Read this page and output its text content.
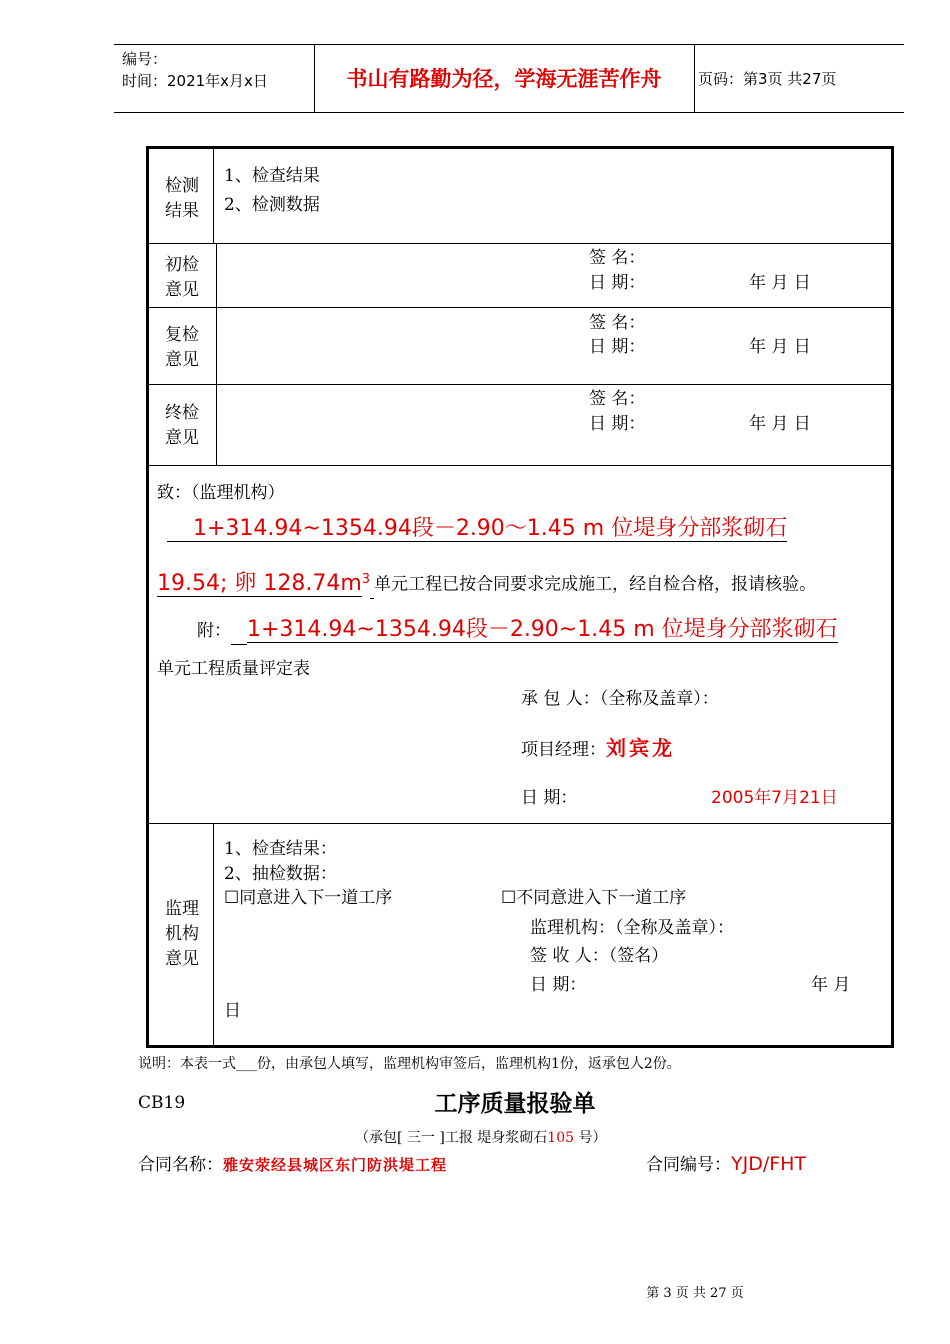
编号：
时间：2021年x月x日	书山有路勤为径，学海无涯苦作舟	页码：第3页 共27页
检测
结果
1、检查结果
2、检测数据
初检
意见
签 名：
日 期：	年 月 日
复检
意见
签 名：
日 期：	年 月 日
终检
意见
签 名：
日 期：	年 月 日
致：（监理机构）
1+314.94~1354.94段－2.90～1.45 m 位堤身分部浆砌石
19.54; 卵 $128.74m^3$ 单元工程已按合同要求完成施工，经自检合格，报请核验。
附： 1+314.94~1354.94段－2.90~1.45 m 位堤身分部浆砌石
单元工程质量评定表
承 包 人：（全称及盖章）：
项目经理：刘宾龙
日 期：	2005年7月21日
监理
机构
意见
1、检查结果：
2、抽检数据：
☐同意进入下一道工序	☐不同意进入下一道工序
监理机构：（全称及盖章）：
签 收 人：（签名）
日 期：	年 月
日
说明：本表一式___份，由承包人填写，监理机构审签后，监理机构1份，返承包人2份。
CB19	工序质量报验单
（承包[ 三一 ]工报 堤身浆砌石105 号）
合同名称：雅安荥经县城区东门防洪堤工程	合同编号：YJD/FHT
第 3 页 共 27 页
